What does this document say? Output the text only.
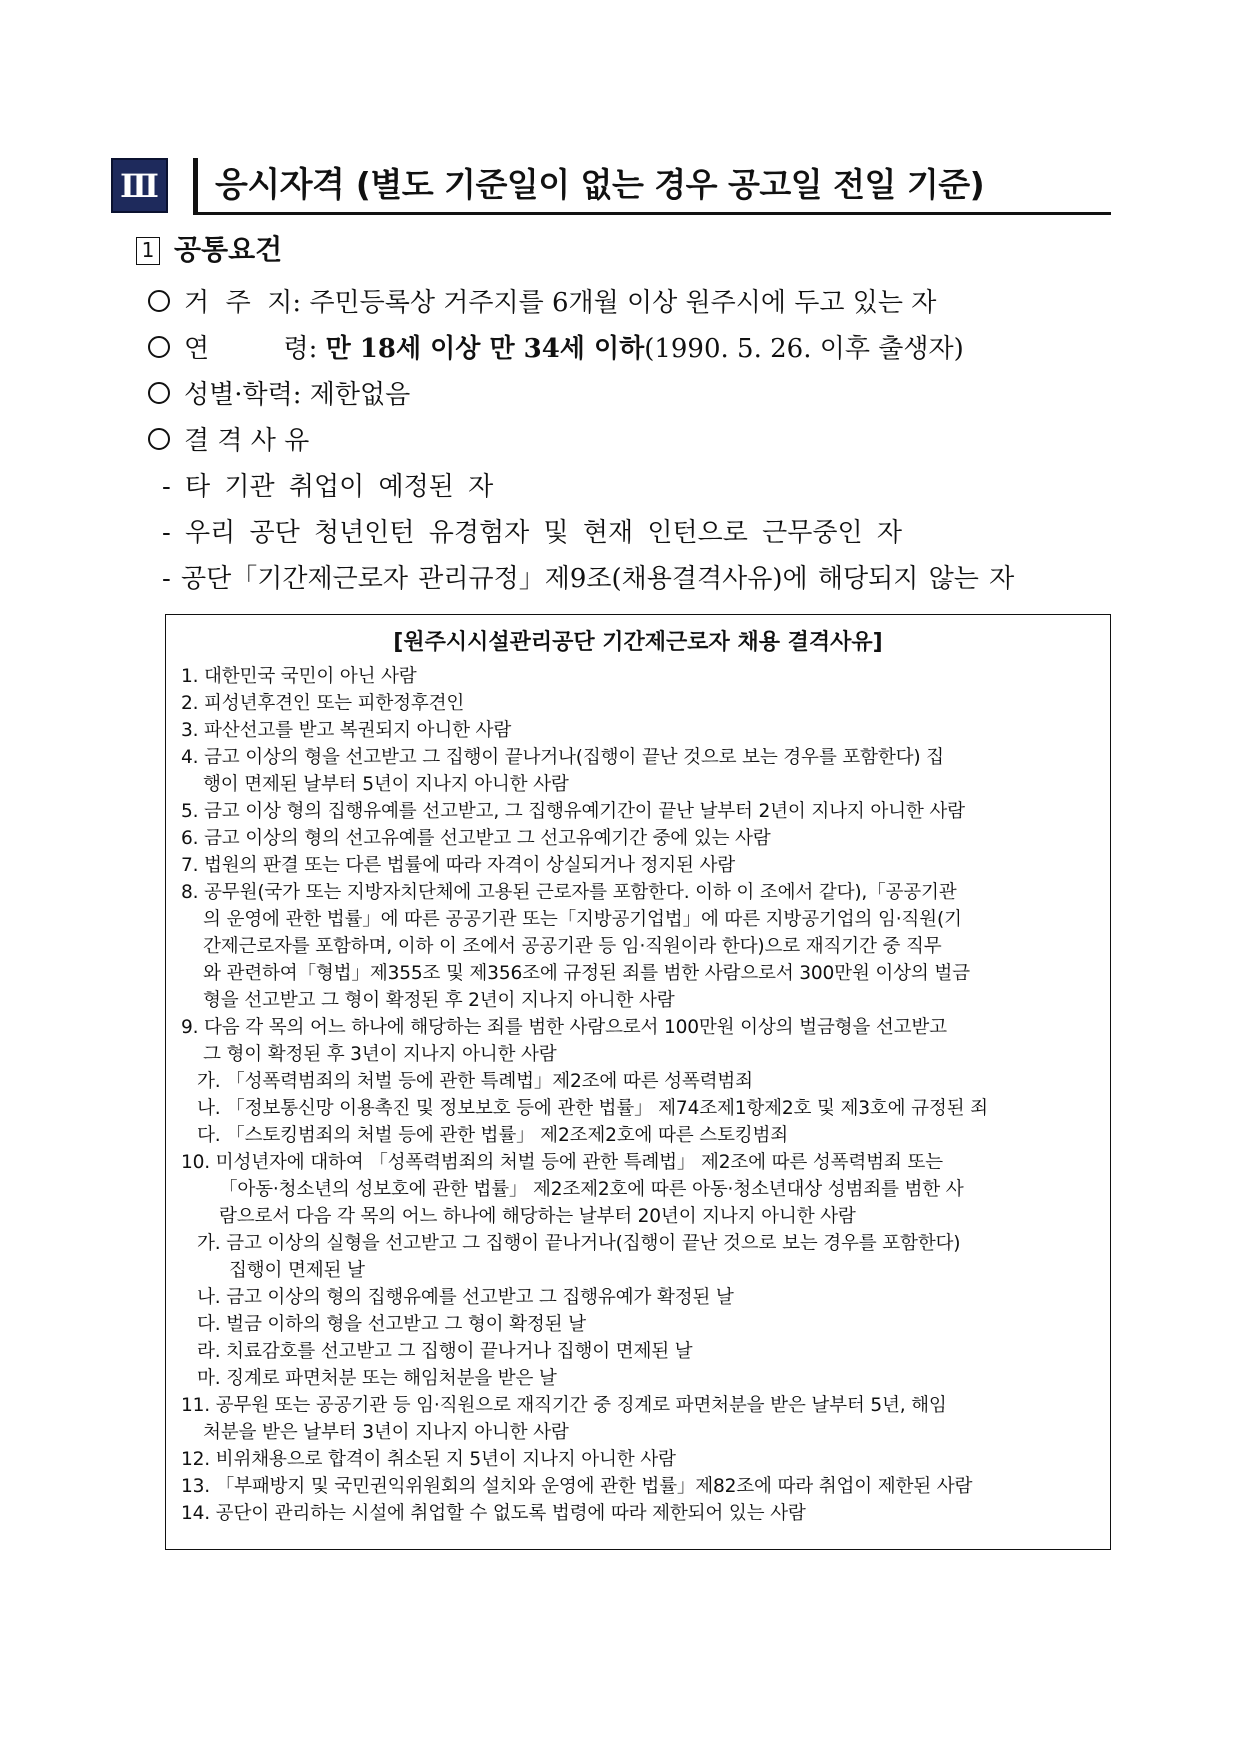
Ⅲ 응시자격 (별도 기준일이 없는 경우 공고일 전일 기준)
1 공통요건
거  주  지: 주민등록상 거주지를 6개월 이상 원주시에 두고 있는 자
연         령: 만 18세 이상 만 34세 이하(1990. 5. 26. 이후 출생자)
성별·학력: 제한없음
결 격 사 유
- 타 기관 취업이 예정된 자
- 우리 공단 청년인턴 유경험자 및 현재 인턴으로 근무중인 자
- 공단「기간제근로자 관리규정」제9조(채용결격사유)에 해당되지 않는 자
[원주시시설관리공단 기간제근로자 채용 결격사유]
1. 대한민국 국민이 아닌 사람
2. 피성년후견인 또는 피한정후견인
3. 파산선고를 받고 복권되지 아니한 사람
4. 금고 이상의 형을 선고받고 그 집행이 끝나거나(집행이 끝난 것으로 보는 경우를 포함한다) 집
행이 면제된 날부터 5년이 지나지 아니한 사람
5. 금고 이상 형의 집행유예를 선고받고, 그 집행유예기간이 끝난 날부터 2년이 지나지 아니한 사람
6. 금고 이상의 형의 선고유예를 선고받고 그 선고유예기간 중에 있는 사람
7. 법원의 판결 또는 다른 법률에 따라 자격이 상실되거나 정지된 사람
8. 공무원(국가 또는 지방자치단체에 고용된 근로자를 포함한다. 이하 이 조에서 같다),「공공기관
의 운영에 관한 법률」에 따른 공공기관 또는「지방공기업법」에 따른 지방공기업의 임·직원(기
간제근로자를 포함하며, 이하 이 조에서 공공기관 등 임·직원이라 한다)으로 재직기간 중 직무
와 관련하여「형법」제355조 및 제356조에 규정된 죄를 범한 사람으로서 300만원 이상의 벌금
형을 선고받고 그 형이 확정된 후 2년이 지나지 아니한 사람
9. 다음 각 목의 어느 하나에 해당하는 죄를 범한 사람으로서 100만원 이상의 벌금형을 선고받고
그 형이 확정된 후 3년이 지나지 아니한 사람
가. 「성폭력범죄의 처벌 등에 관한 특례법」제2조에 따른 성폭력범죄
나. 「정보통신망 이용촉진 및 정보보호 등에 관한 법률」 제74조제1항제2호 및 제3호에 규정된 죄
다. 「스토킹범죄의 처벌 등에 관한 법률」 제2조제2호에 따른 스토킹범죄
10. 미성년자에 대하여 「성폭력범죄의 처벌 등에 관한 특례법」 제2조에 따른 성폭력범죄 또는
「아동·청소년의 성보호에 관한 법률」 제2조제2호에 따른 아동·청소년대상 성범죄를 범한 사
람으로서 다음 각 목의 어느 하나에 해당하는 날부터 20년이 지나지 아니한 사람
가. 금고 이상의 실형을 선고받고 그 집행이 끝나거나(집행이 끝난 것으로 보는 경우를 포함한다)
집행이 면제된 날
나. 금고 이상의 형의 집행유예를 선고받고 그 집행유예가 확정된 날
다. 벌금 이하의 형을 선고받고 그 형이 확정된 날
라. 치료감호를 선고받고 그 집행이 끝나거나 집행이 면제된 날
마. 징계로 파면처분 또는 해임처분을 받은 날
11. 공무원 또는 공공기관 등 임·직원으로 재직기간 중 징계로 파면처분을 받은 날부터 5년, 해임
처분을 받은 날부터 3년이 지나지 아니한 사람
12. 비위채용으로 합격이 취소된 지 5년이 지나지 아니한 사람
13. 「부패방지 및 국민권익위원회의 설치와 운영에 관한 법률」제82조에 따라 취업이 제한된 사람
14. 공단이 관리하는 시설에 취업할 수 없도록 법령에 따라 제한되어 있는 사람
